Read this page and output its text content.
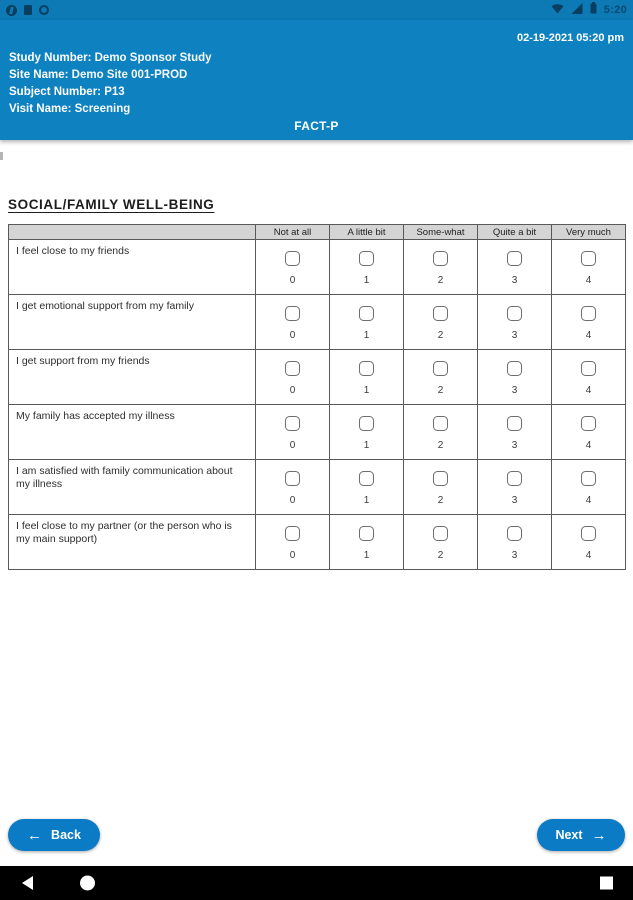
5:20
02-19-2021 05:20 pm
Study Number: Demo Sponsor Study
Site Name: Demo Site 001-PROD
Subject Number: P13
Visit Name: Screening
FACT-P
SOCIAL/FAMILY WELL-BEING
	Not at all	A little bit	Some-what	Quite a bit	Very much
I feel close to my friends	0	1	2	3	4

I get emotional support from my family	0	1	2	3	4

I get support from my friends	0	1	2	3	4

My family has accepted my illness	0	1	2	3	4

I am satisfied with family communication about my illness	0	1	2	3	4

I feel close to my partner (or the person who is my main support)	0	1	2	3	4
← Back	Next →
